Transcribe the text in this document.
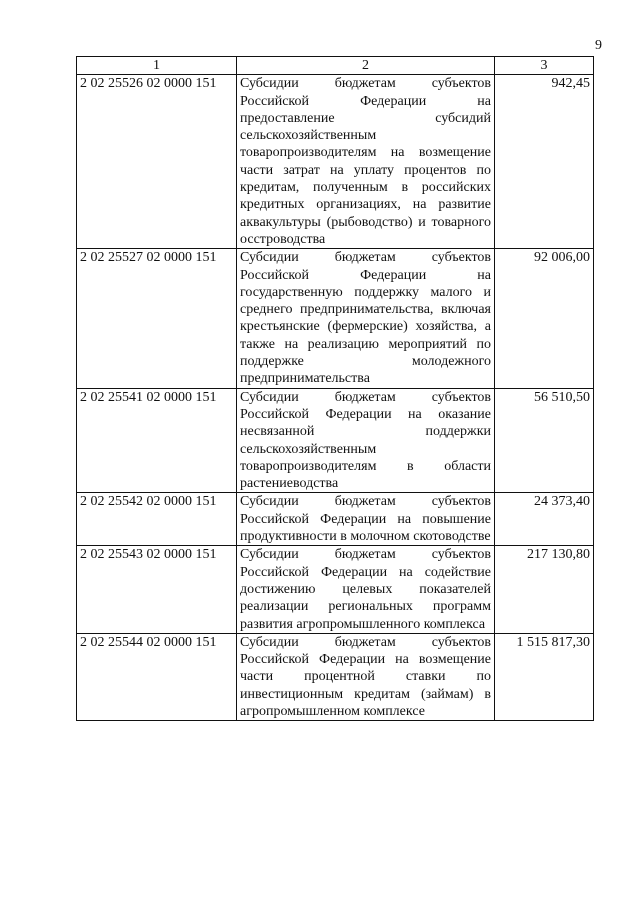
9
1	2	3
2 02 25526 02 0000 151	Субсидии бюджетам субъектов Российской Федерации на предоставление субсидий сельскохозяйственным товаропроизводителям на возмещение части затрат на уплату процентов по кредитам, полученным в российских кредитных организациях, на развитие аквакультуры (рыбоводство) и товарного осстроводства	942,45
2 02 25527 02 0000 151	Субсидии бюджетам субъектов Российской Федерации на государственную поддержку малого и среднего предпринимательства, включая крестьянские (фермерские) хозяйства, а также на реализацию мероприятий по поддержке молодежного предпринимательства	92 006,00
2 02 25541 02 0000 151	Субсидии бюджетам субъектов Российской Федерации на оказание несвязанной поддержки сельскохозяйственным товаропроизводителям в области растениеводства	56 510,50
2 02 25542 02 0000 151	Субсидии бюджетам субъектов Российской Федерации на повышение продуктивности в молочном скотоводстве	24 373,40
2 02 25543 02 0000 151	Субсидии бюджетам субъектов Российской Федерации на содействие достижению целевых показателей реализации региональных программ развития агропромышленного комплекса	217 130,80
2 02 25544 02 0000 151	Субсидии бюджетам субъектов Российской Федерации на возмещение части процентной ставки по инвестиционным кредитам (займам) в агропромышленном комплексе	1 515 817,30
